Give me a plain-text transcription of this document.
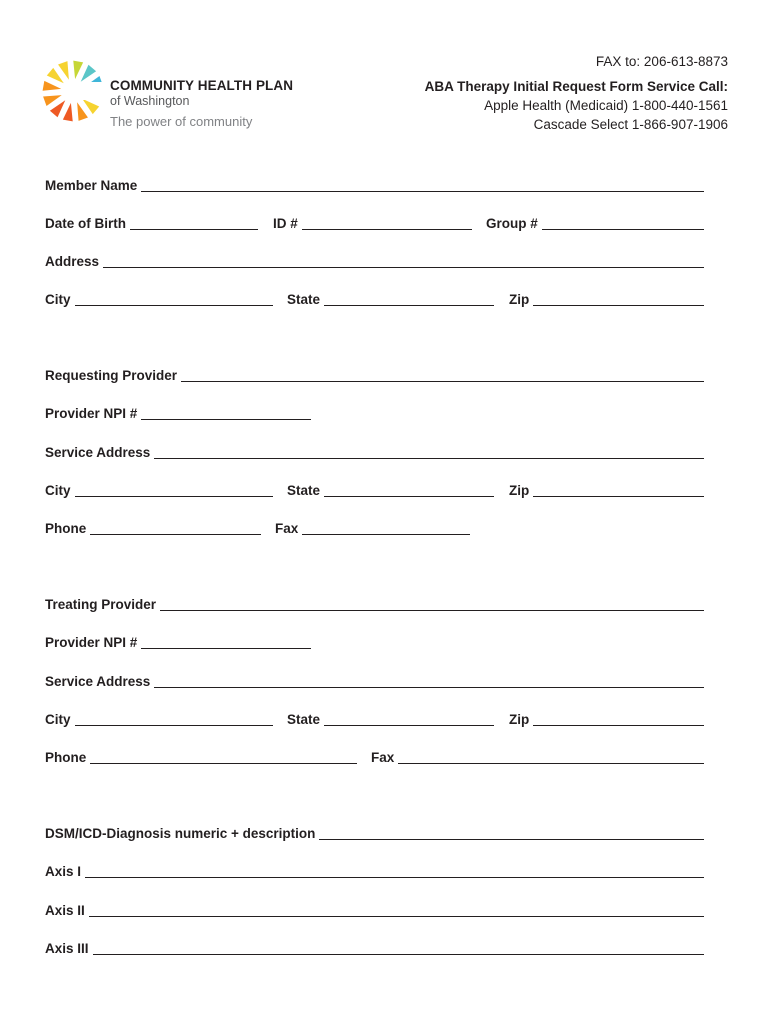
COMMUNITY HEALTH PLAN
of Washington
The power of community
FAX to: 206-613-8873
ABA Therapy Initial Request Form Service Call:
Apple Health (Medicaid) 1-800-440-1561
Cascade Select 1-866-907-1906
Member Name
Date of Birth	ID #	Group #
Address
City	State	Zip
Requesting Provider
Provider NPI #
Service Address
City	State	Zip
Phone	Fax
Treating Provider
Provider NPI #
Service Address
City	State	Zip
Phone	Fax
DSM/ICD-Diagnosis numeric + description
Axis I
Axis II
Axis III
